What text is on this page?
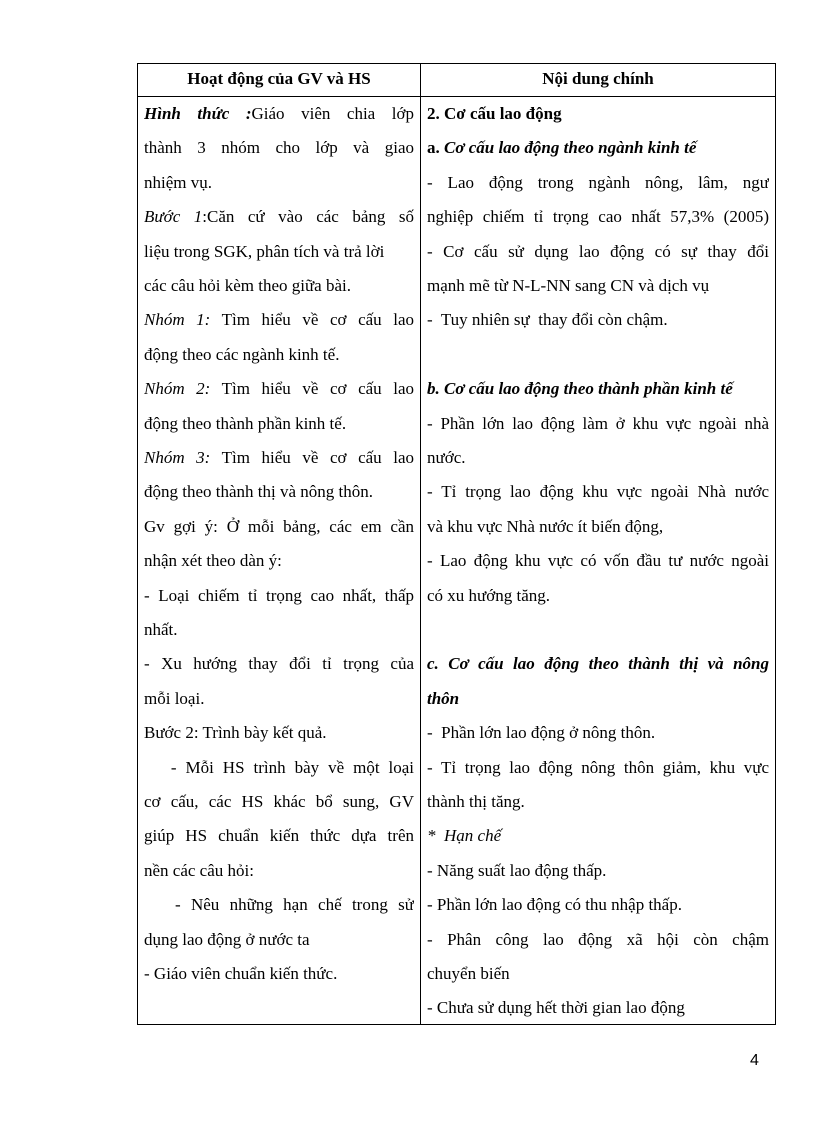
Hoạt động của GV và HS	Nội dung chính
Hình thức :Giáo viên chia lớp
thành 3 nhóm cho lớp và giao
nhiệm vụ.
Bước 1:Căn cứ vào các bảng số
liệu trong SGK, phân tích và trả lời
các câu hỏi kèm theo giữa bài.
Nhóm 1: Tìm hiểu về cơ cấu lao
động theo các ngành kinh tế.
Nhóm 2: Tìm hiểu về cơ cấu lao
động theo thành phần kinh tế.
Nhóm 3: Tìm hiểu về cơ cấu lao
động theo thành thị và nông thôn.
Gv gợi ý: Ở mỗi bảng, các em cần
nhận xét theo dàn ý:
- Loại chiếm tỉ trọng cao nhất, thấp
nhất.
- Xu hướng thay đổi tỉ trọng của
mỗi loại.
Bước 2: Trình bày kết quả.
- Mỗi HS trình bày về một loại
cơ cấu, các HS khác bổ sung, GV
giúp HS chuẩn kiến thức dựa trên
nền các câu hỏi:
- Nêu những hạn chế trong sử
dụng lao động ở nước ta
- Giáo viên chuẩn kiến thức.
2. Cơ cấu lao động
a. Cơ cấu lao động theo ngành kinh tế
- Lao động trong ngành nông, lâm, ngư
nghiệp chiếm tỉ trọng cao nhất 57,3% (2005)
- Cơ cấu sử dụng lao động có sự thay đổi
mạnh mẽ từ N-L-NN sang CN và dịch vụ
-  Tuy nhiên sự  thay đổi còn chậm.
b. Cơ cấu lao động theo thành phần kinh tế
- Phần lớn lao động làm ở khu vực ngoài nhà
nước.
- Tỉ trọng lao động khu vực ngoài Nhà nước
và khu vực Nhà nước ít biến động,
- Lao động khu vực có vốn đầu tư nước ngoài
có xu hướng tăng.
c. Cơ cấu lao động theo thành thị và nông
thôn
-  Phần lớn lao động ở nông thôn.
- Tỉ trọng lao động nông thôn giảm, khu vực
thành thị tăng.
*  Hạn chế
- Năng suất lao động thấp.
- Phần lớn lao động có thu nhập thấp.
- Phân công lao động xã hội còn chậm
chuyển biến
- Chưa sử dụng hết thời gian lao động
4
